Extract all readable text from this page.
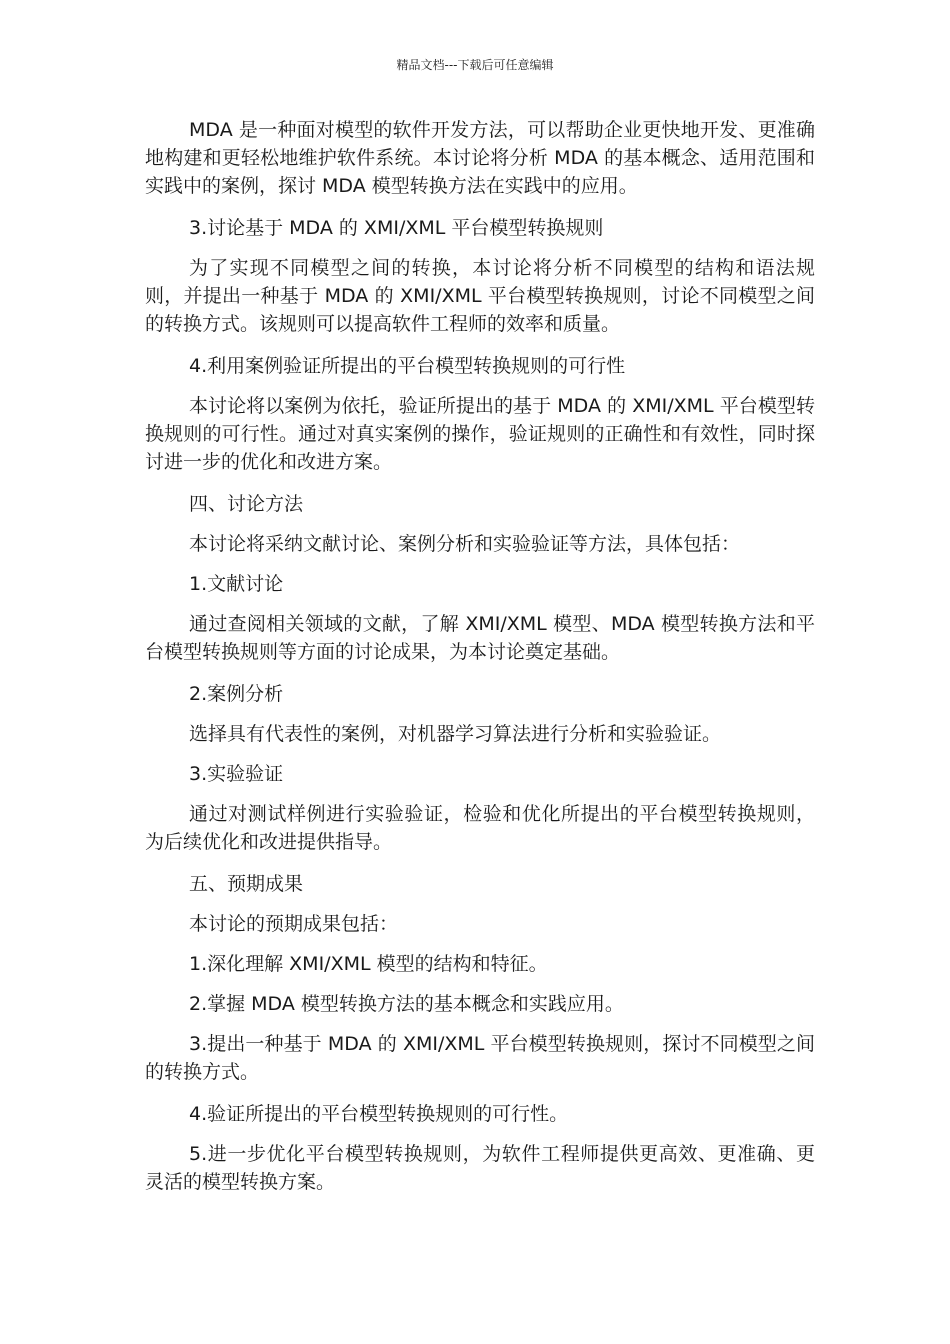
精品文档---下载后可任意编辑

MDA 是一种面对模型的软件开发方法，可以帮助企业更快地开发、更准确地构建和更轻松地维护软件系统。本讨论将分析 MDA 的基本概念、适用范围和实践中的案例，探讨 MDA 模型转换方法在实践中的应用。

3.讨论基于 MDA 的 XMI/XML 平台模型转换规则

为了实现不同模型之间的转换，本讨论将分析不同模型的结构和语法规则，并提出一种基于 MDA 的 XMI/XML 平台模型转换规则，讨论不同模型之间的转换方式。该规则可以提高软件工程师的效率和质量。

4.利用案例验证所提出的平台模型转换规则的可行性

本讨论将以案例为依托，验证所提出的基于 MDA 的 XMI/XML 平台模型转换规则的可行性。通过对真实案例的操作，验证规则的正确性和有效性，同时探讨进一步的优化和改进方案。

四、讨论方法

本讨论将采纳文献讨论、案例分析和实验验证等方法，具体包括：

1.文献讨论

通过查阅相关领域的文献，了解 XMI/XML 模型、MDA 模型转换方法和平台模型转换规则等方面的讨论成果，为本讨论奠定基础。

2.案例分析

选择具有代表性的案例，对机器学习算法进行分析和实验验证。

3.实验验证

通过对测试样例进行实验验证，检验和优化所提出的平台模型转换规则，为后续优化和改进提供指导。

五、预期成果

本讨论的预期成果包括：

1.深化理解 XMI/XML 模型的结构和特征。

2.掌握 MDA 模型转换方法的基本概念和实践应用。

3.提出一种基于 MDA 的 XMI/XML 平台模型转换规则，探讨不同模型之间的转换方式。

4.验证所提出的平台模型转换规则的可行性。

5.进一步优化平台模型转换规则，为软件工程师提供更高效、更准确、更灵活的模型转换方案。
